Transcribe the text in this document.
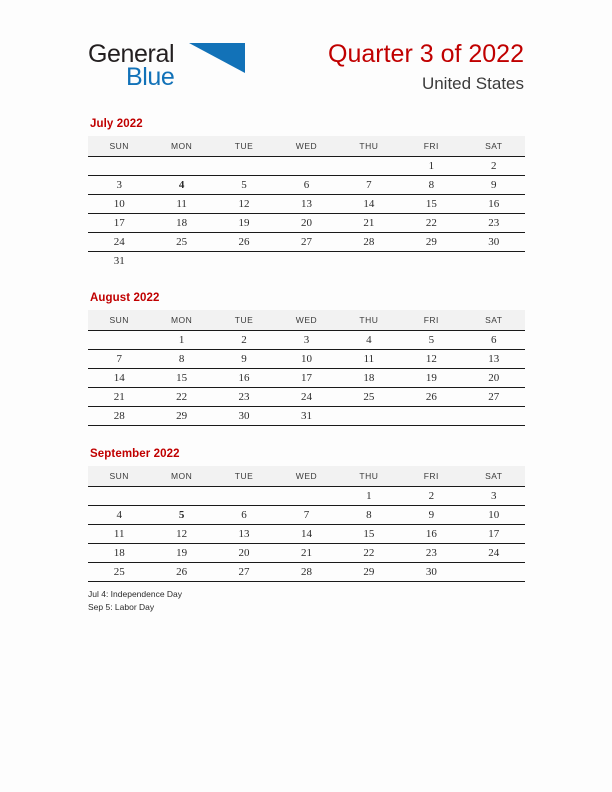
General
Blue
Quarter 3 of 2022
United States
July 2022
SUN	MON	TUE	WED	THU	FRI	SAT
					1	2
3	4	5	6	7	8	9
10	11	12	13	14	15	16
17	18	19	20	21	22	23
24	25	26	27	28	29	30
31						
August 2022
SUN	MON	TUE	WED	THU	FRI	SAT
	1	2	3	4	5	6
7	8	9	10	11	12	13
14	15	16	17	18	19	20
21	22	23	24	25	26	27
28	29	30	31			
September 2022
SUN	MON	TUE	WED	THU	FRI	SAT
				1	2	3
4	5	6	7	8	9	10
11	12	13	14	15	16	17
18	19	20	21	22	23	24
25	26	27	28	29	30	
Jul 4: Independence Day
Sep 5: Labor Day
